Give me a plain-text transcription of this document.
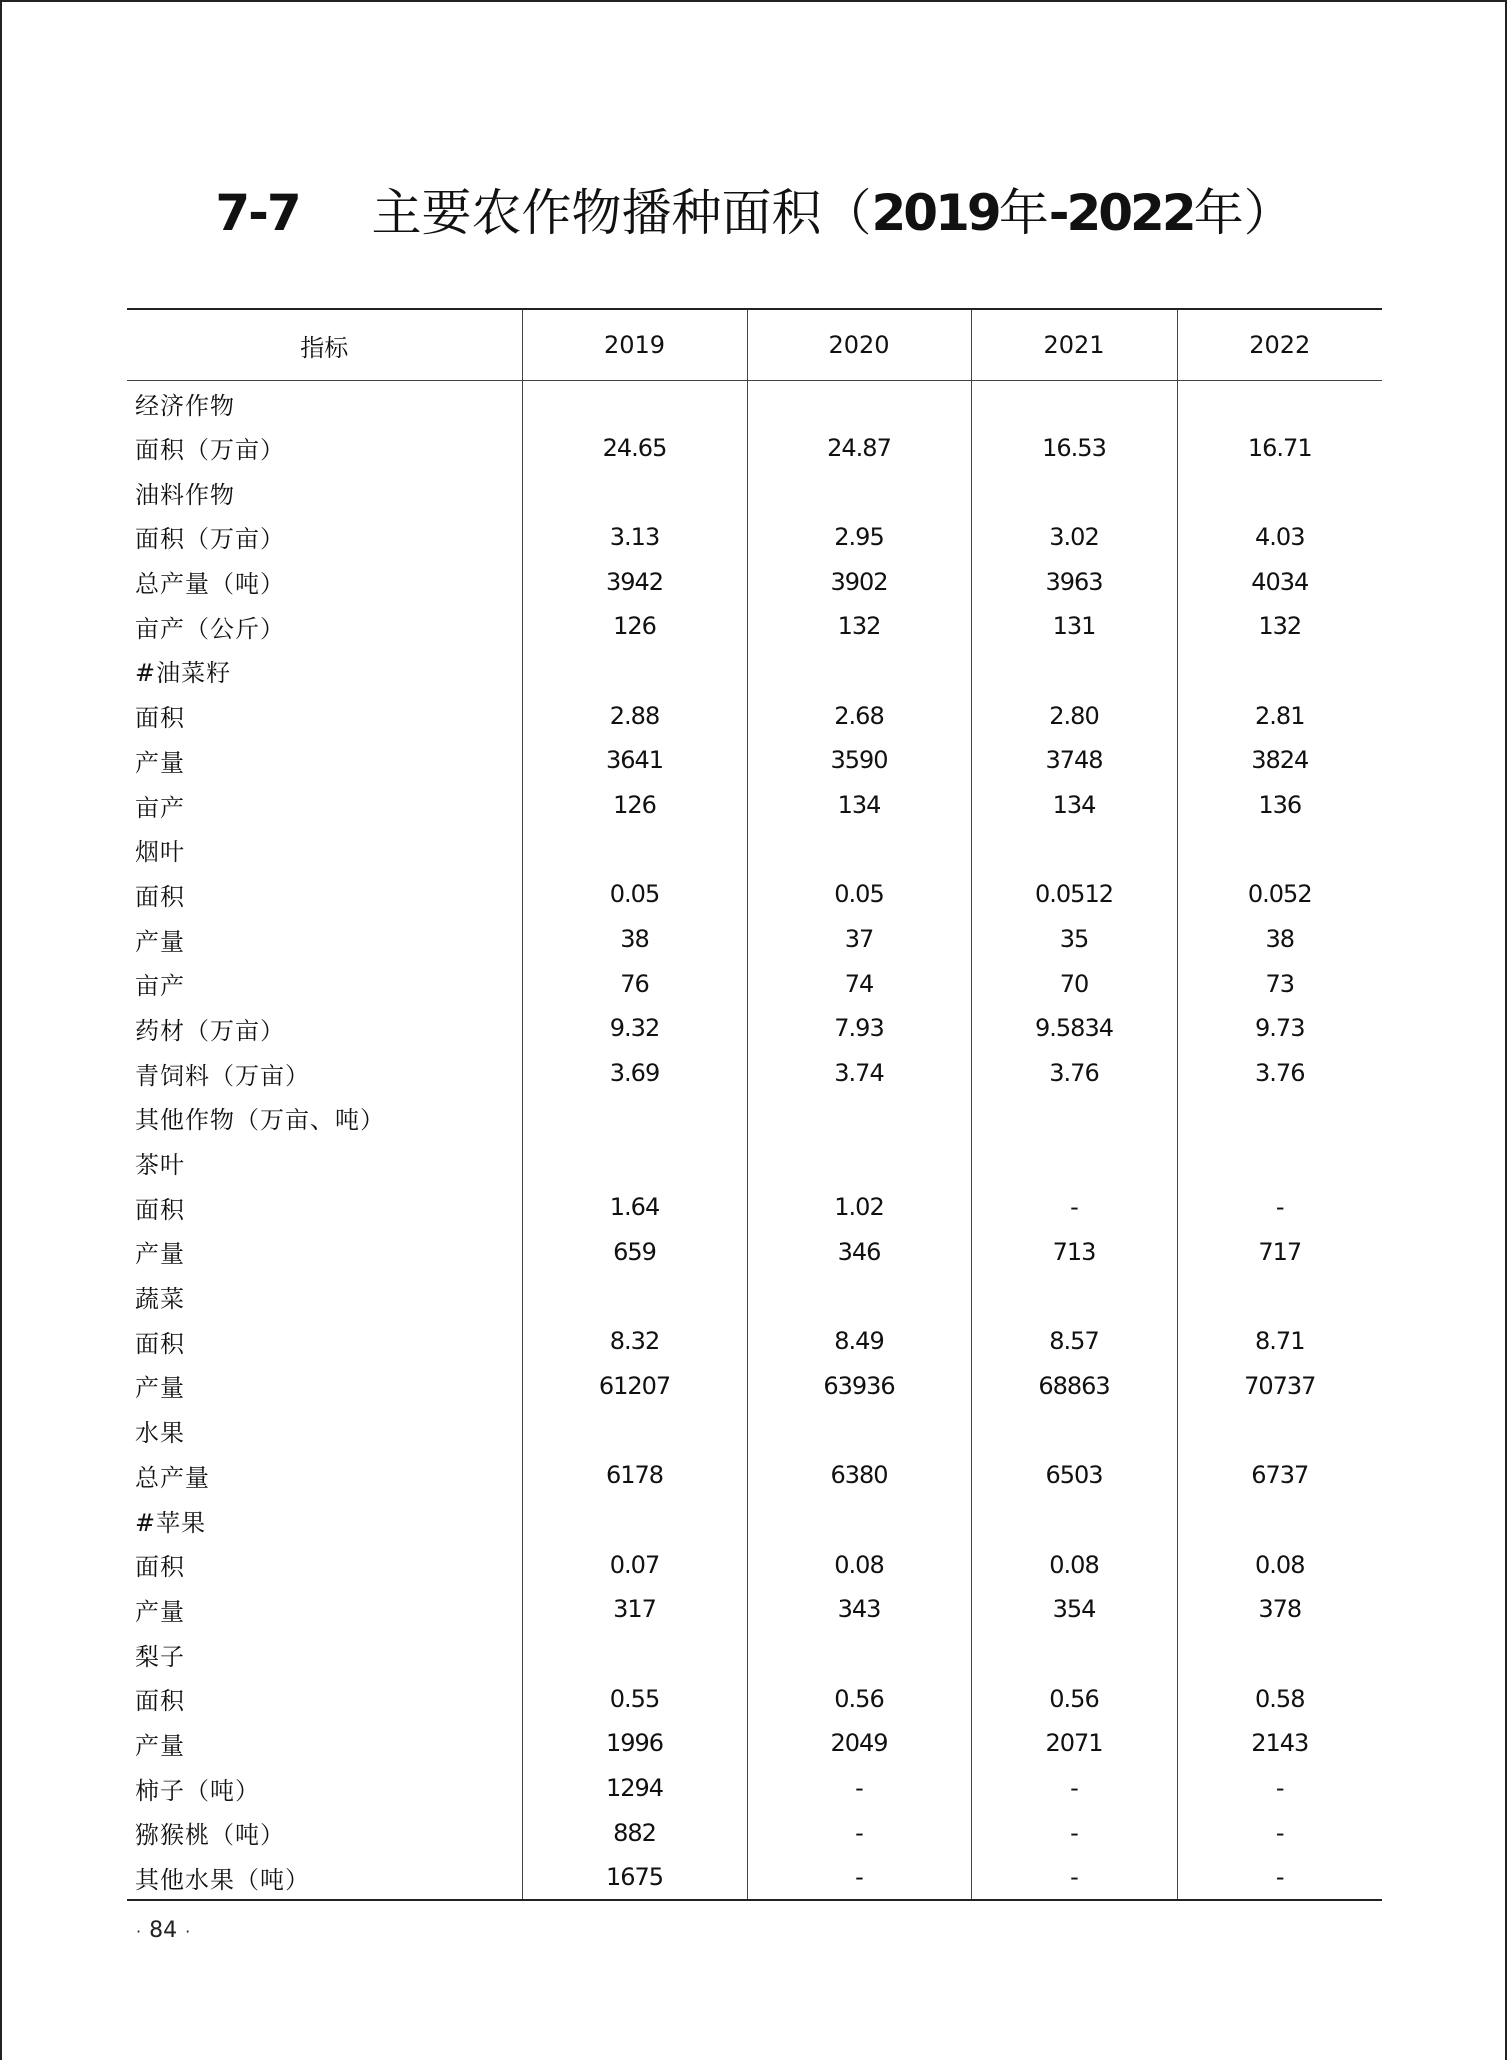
7-7 主要农作物播种面积（2019年-2022年）
指标	2019	2020	2021	2022
经济作物				
面积（万亩）	24.65	24.87	16.53	16.71
油料作物				
面积（万亩）	3.13	2.95	3.02	4.03
总产量（吨）	3942	3902	3963	4034
亩产（公斤）	126	132	131	132
#油菜籽				
面积	2.88	2.68	2.80	2.81
产量	3641	3590	3748	3824
亩产	126	134	134	136
烟叶				
面积	0.05	0.05	0.0512	0.052
产量	38	37	35	38
亩产	76	74	70	73
药材（万亩）	9.32	7.93	9.5834	9.73
青饲料（万亩）	3.69	3.74	3.76	3.76
其他作物（万亩、吨）				
茶叶				
面积	1.64	1.02	-	-
产量	659	346	713	717
蔬菜				
面积	8.32	8.49	8.57	8.71
产量	61207	63936	68863	70737
水果				
总产量	6178	6380	6503	6737
#苹果				
面积	0.07	0.08	0.08	0.08
产量	317	343	354	378
梨子				
面积	0.55	0.56	0.56	0.58
产量	1996	2049	2071	2143
柿子（吨）	1294	-	-	-
猕猴桃（吨）	882	-	-	-
其他水果（吨）	1675	-	-	-
· 84 ·
